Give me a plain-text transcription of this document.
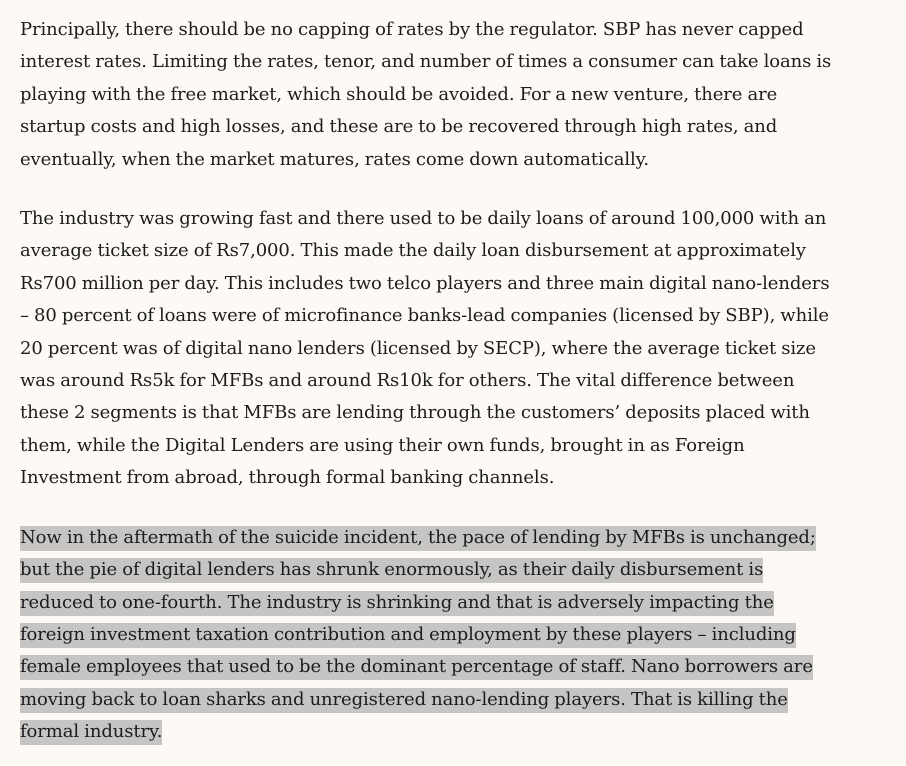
Principally, there should be no capping of rates by the regulator. SBP has never capped
interest rates. Limiting the rates, tenor, and number of times a consumer can take loans is
playing with the free market, which should be avoided. For a new venture, there are
startup costs and high losses, and these are to be recovered through high rates, and
eventually, when the market matures, rates come down automatically.

The industry was growing fast and there used to be daily loans of around 100,000 with an
average ticket size of Rs7,000. This made the daily loan disbursement at approximately
Rs700 million per day. This includes two telco players and three main digital nano-lenders
– 80 percent of loans were of microfinance banks-lead companies (licensed by SBP), while
20 percent was of digital nano lenders (licensed by SECP), where the average ticket size
was around Rs5k for MFBs and around Rs10k for others. The vital difference between
these 2 segments is that MFBs are lending through the customers’ deposits placed with
them, while the Digital Lenders are using their own funds, brought in as Foreign
Investment from abroad, through formal banking channels.

Now in the aftermath of the suicide incident, the pace of lending by MFBs is unchanged;
but the pie of digital lenders has shrunk enormously, as their daily disbursement is
reduced to one-fourth. The industry is shrinking and that is adversely impacting the
foreign investment taxation contribution and employment by these players – including
female employees that used to be the dominant percentage of staff. Nano borrowers are
moving back to loan sharks and unregistered nano-lending players. That is killing the
formal industry.
